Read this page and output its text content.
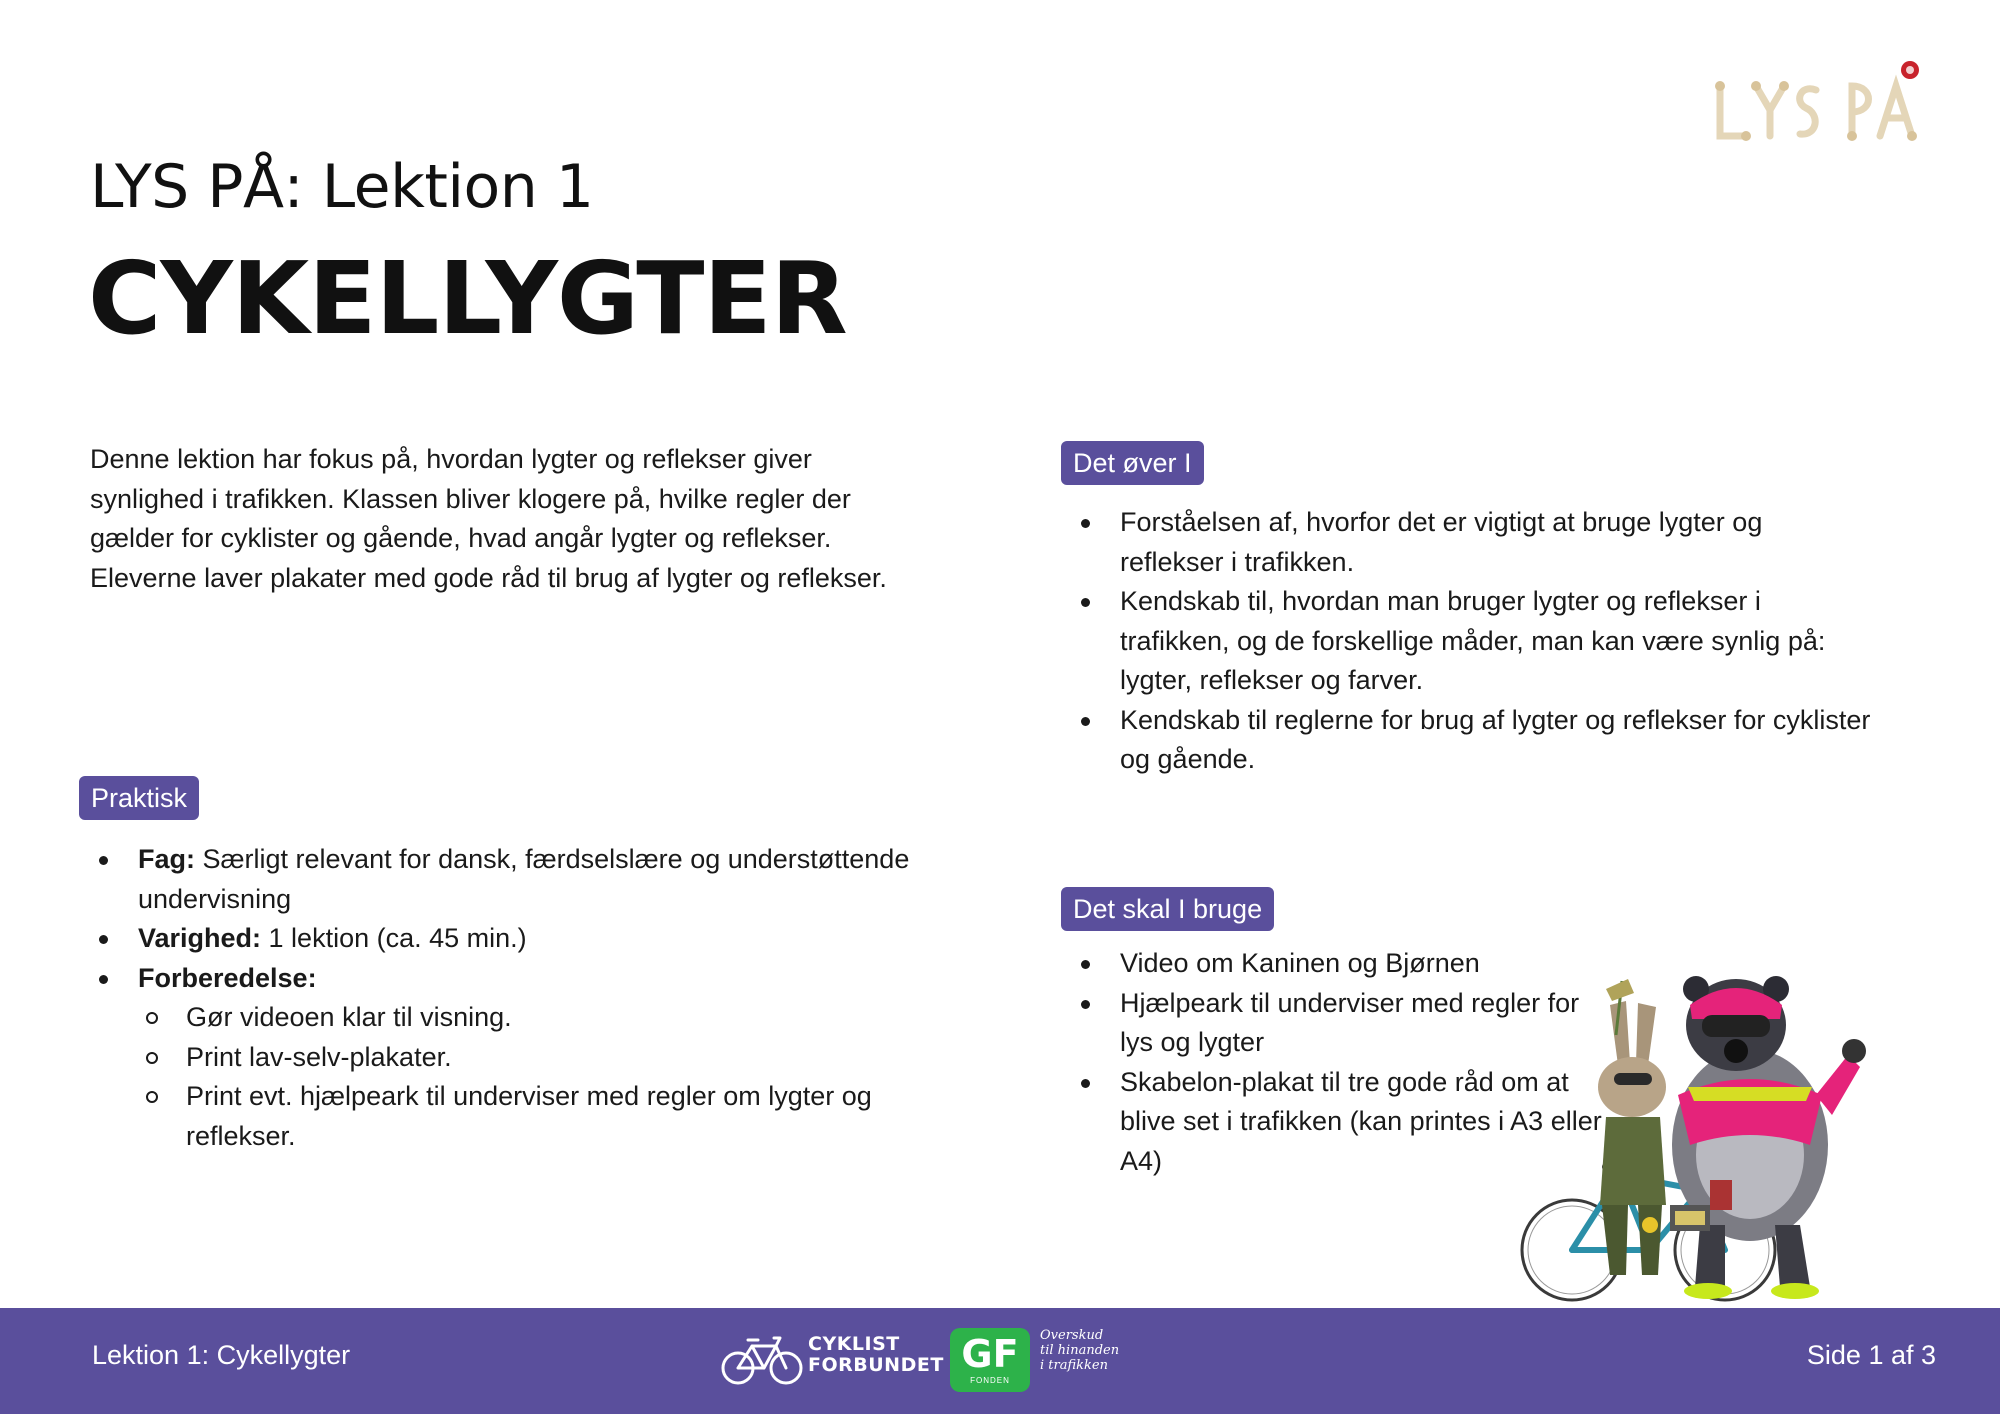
LYS PÅ: Lektion 1
CYKELLYGTER

Denne lektion har fokus på, hvordan lygter og reflekser giver synlighed i trafikken. Klassen bliver klogere på, hvilke regler der gælder for cyklister og gående, hvad angår lygter og reflekser. Eleverne laver plakater med gode råd til brug af lygter og reflekser.

Praktisk
Fag: Særligt relevant for dansk, færdselslære og understøttende undervisning
Varighed: 1 lektion (ca. 45 min.)
Forberedelse:
Gør videoen klar til visning.
Print lav-selv-plakater.
Print evt. hjælpeark til underviser med regler om lygter og reflekser.
Det øver I
Forståelsen af, hvorfor det er vigtigt at bruge lygter og reflekser i trafikken.
Kendskab til, hvordan man bruger lygter og reflekser i trafikken, og de forskellige måder, man kan være synlig på: lygter, reflekser og farver.
Kendskab til reglerne for brug af lygter og reflekser for cyklister og gående.
Det skal I bruge
Video om Kaninen og Bjørnen
Hjælpeark til underviser med regler for lys og lygter
Skabelon-plakat til tre gode råd om at blive set i trafikken (kan printes i A3 eller A4)
Lektion 1: Cykellygter	CYKLIST
FORBUNDET GF
FONDEN
Overskud
til hinanden
i trafikken	Side 1 af 3
